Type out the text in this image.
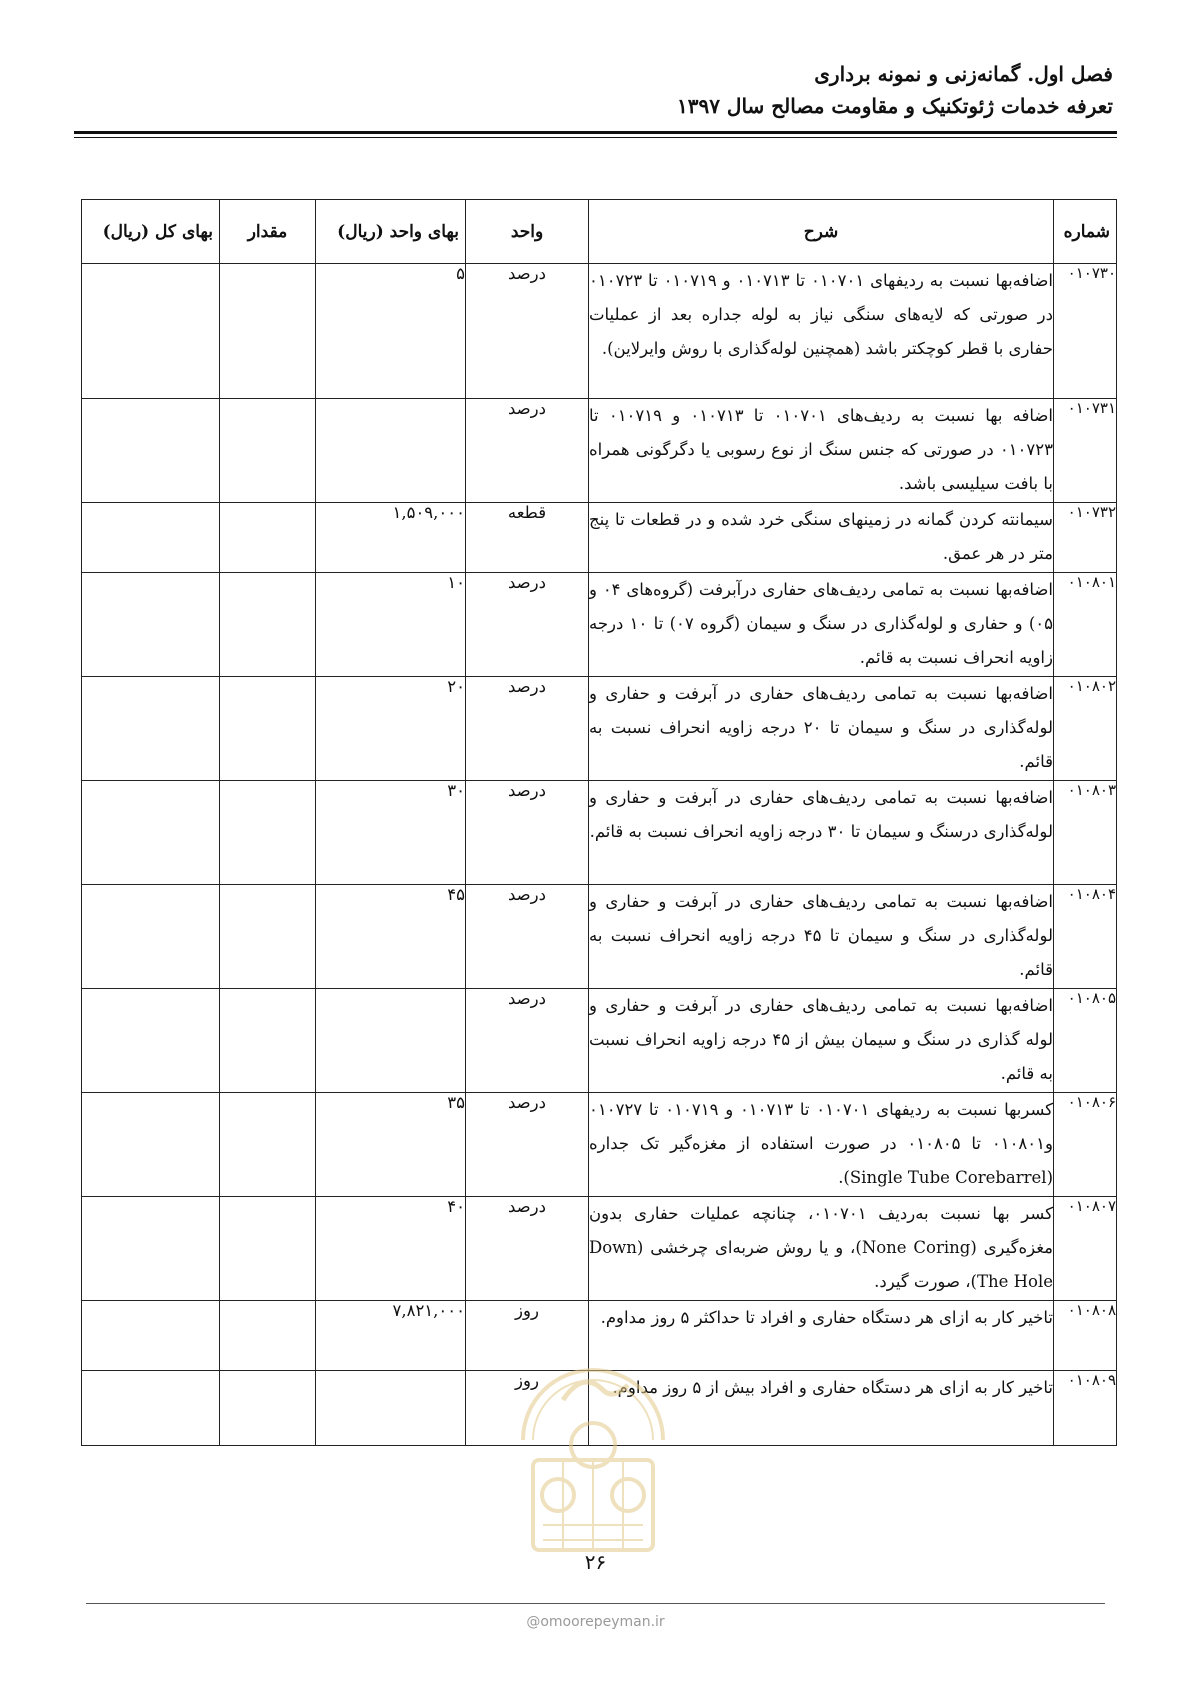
فصل اول. گمانه‌زنی و نمونه برداری
تعرفه خدمات ژئوتکنیک و مقاومت مصالح سال ۱۳۹۷
شماره	شرح	واحد	بهای واحد (ریال)	مقدار	بهای کل (ریال)
۰۱۰۷۳۰	اضافه‌بها نسبت به ردیفهای ۰۱۰۷۰۱ تا ۰۱۰۷۱۳ و ۰۱۰۷۱۹ تا ۰۱۰۷۲۳ در صورتی که لایه‌های سنگی نیاز به لوله جداره بعد از عملیات حفاری با قطر کوچکتر باشد (همچنین لوله‌گذاری با روش وایرلاین).	درصد	۵		
۰۱۰۷۳۱	اضافه بها نسبت به ردیف‌های ۰۱۰۷۰۱ تا ۰۱۰۷۱۳ و ۰۱۰۷۱۹ تا ۰۱۰۷۲۳ در صورتی که جنس سنگ از نوع رسوبی یا دگرگونی همراه با بافت سیلیسی باشد.	درصد			
۰۱۰۷۳۲	سیمانته کردن گمانه در زمینهای سنگی خرد شده و در قطعات تا پنج متر در هر عمق.	قطعه	۱,۵۰۹,۰۰۰		
۰۱۰۸۰۱	اضافه‌بها نسبت به تمامی ردیف‌های حفاری درآبرفت (گروه‌های ۰۴ و ۰۵) و حفاری و لوله‌گذاری در سنگ و سیمان (گروه ۰۷) تا ۱۰ درجه زاویه انحراف نسبت به قائم.	درصد	۱۰		
۰۱۰۸۰۲	اضافه‌بها نسبت به تمامی ردیف‌های حفاری در آبرفت و حفاری و لوله‌گذاری در سنگ و سیمان تا ۲۰ درجه زاویه انحراف نسبت به قائم.	درصد	۲۰		
۰۱۰۸۰۳	اضافه‌بها نسبت به تمامی ردیف‌های حفاری در آبرفت و حفاری و لوله‌گذاری درسنگ و سیمان تا ۳۰ درجه زاویه انحراف نسبت به قائم.	درصد	۳۰		
۰۱۰۸۰۴	اضافه‌بها نسبت به تمامی ردیف‌های حفاری در آبرفت و حفاری و لوله‌گذاری در سنگ و سیمان تا ۴۵ درجه زاویه انحراف نسبت به قائم.	درصد	۴۵		
۰۱۰۸۰۵	اضافه‌بها نسبت به تمامی ردیف‌های حفاری در آبرفت و حفاری و لوله گذاری در سنگ و سیمان بیش از ۴۵ درجه زاویه انحراف نسبت به قائم.	درصد			
۰۱۰۸۰۶	کسربها نسبت به ردیفهای ۰۱۰۷۰۱ تا ۰۱۰۷۱۳ و ۰۱۰۷۱۹ تا ۰۱۰۷۲۷ و۰۱۰۸۰۱ تا ۰۱۰۸۰۵ در صورت استفاده از مغزه‌گیر تک جداره (Single Tube Corebarrel).	درصد	۳۵		
۰۱۰۸۰۷	کسر بها نسبت به‌ردیف ۰۱۰۷۰۱، چنانچه عملیات حفاری بدون مغزه‌گیری (None Coring)، و یا روش ضربه‌ای چرخشی (Down The Hole)، صورت گیرد.	درصد	۴۰		
۰۱۰۸۰۸	تاخیر کار به ازای هر دستگاه حفاری و افراد تا حداکثر ۵ روز مداوم.	روز	۷,۸۲۱,۰۰۰		
۰۱۰۸۰۹	تاخیر کار به ازای هر دستگاه حفاری و افراد بیش از ۵ روز مداوم.	روز			
۲۶
@omoorepeyman.ir
